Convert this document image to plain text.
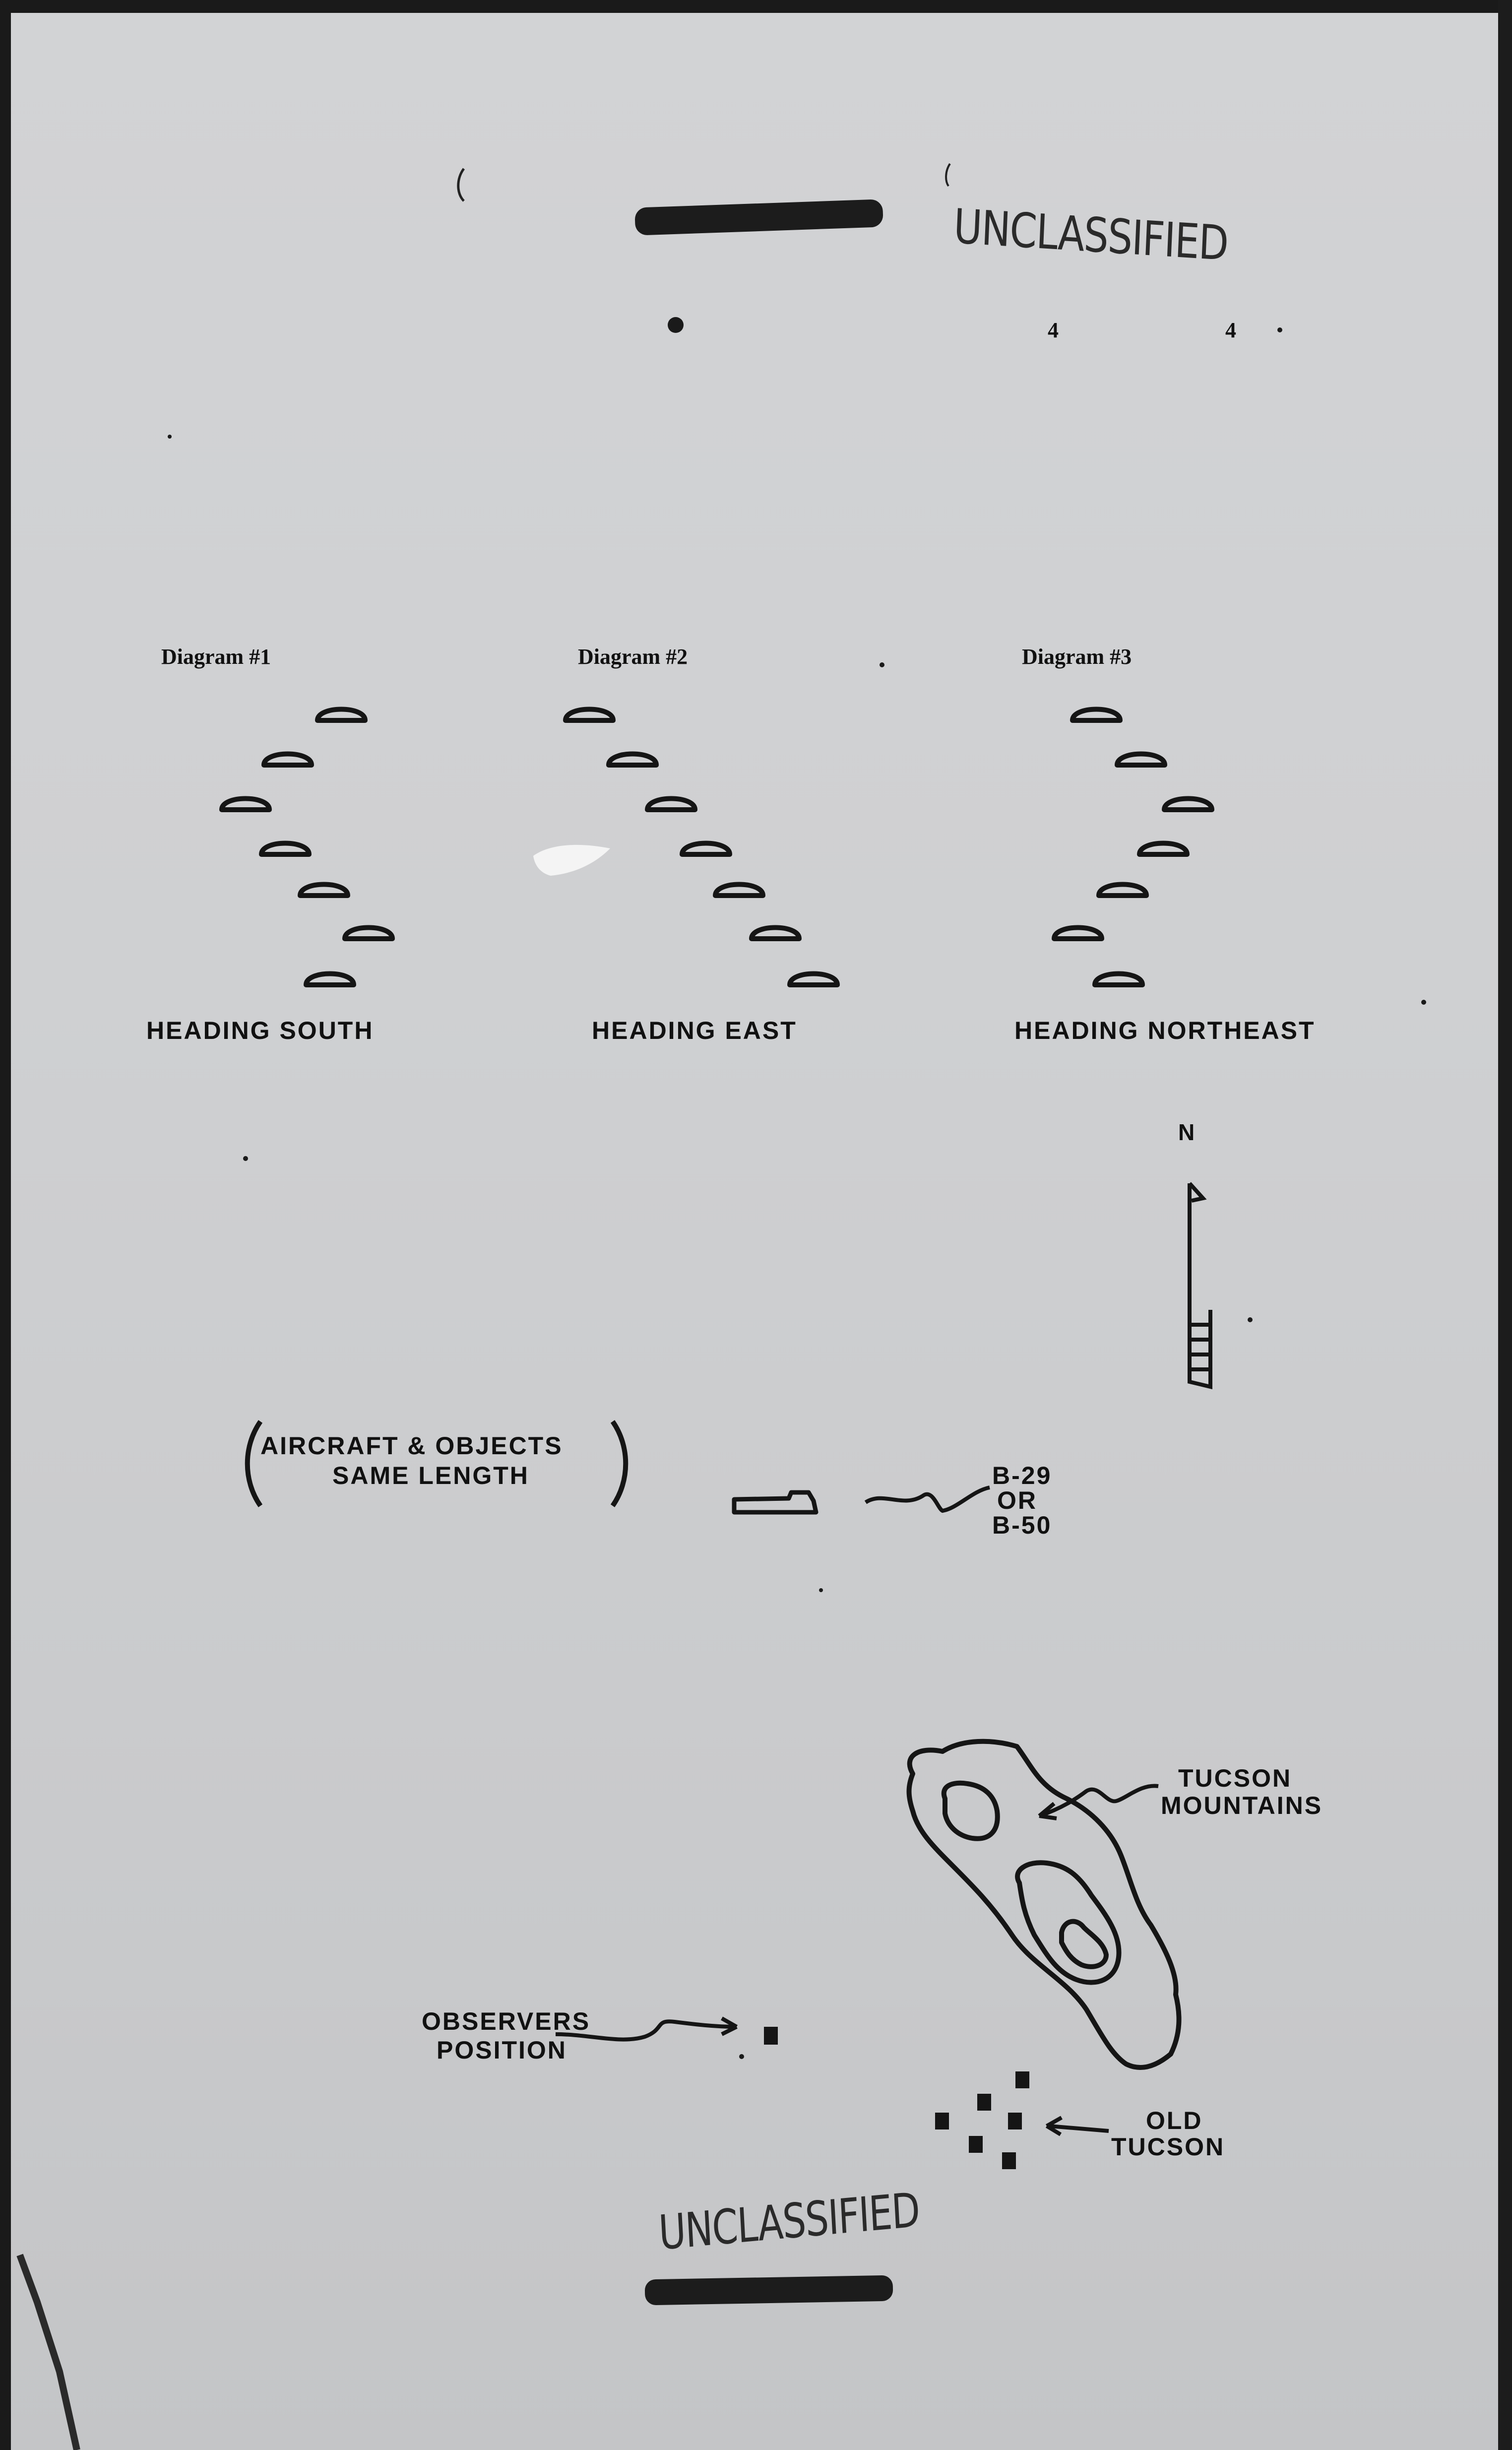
UNCLASSIFIED
UNCLASSIFIED
4	4
Diagram #1	Diagram #2	Diagram #3
HEADING SOUTH	HEADING EAST	HEADING NORTHEAST
N
AIRCRAFT & OBJECTS
SAME LENGTH	B-29
OR
B-50
TUCSON
MOUNTAINS
OBSERVERS
POSITION
OLD
TUCSON
